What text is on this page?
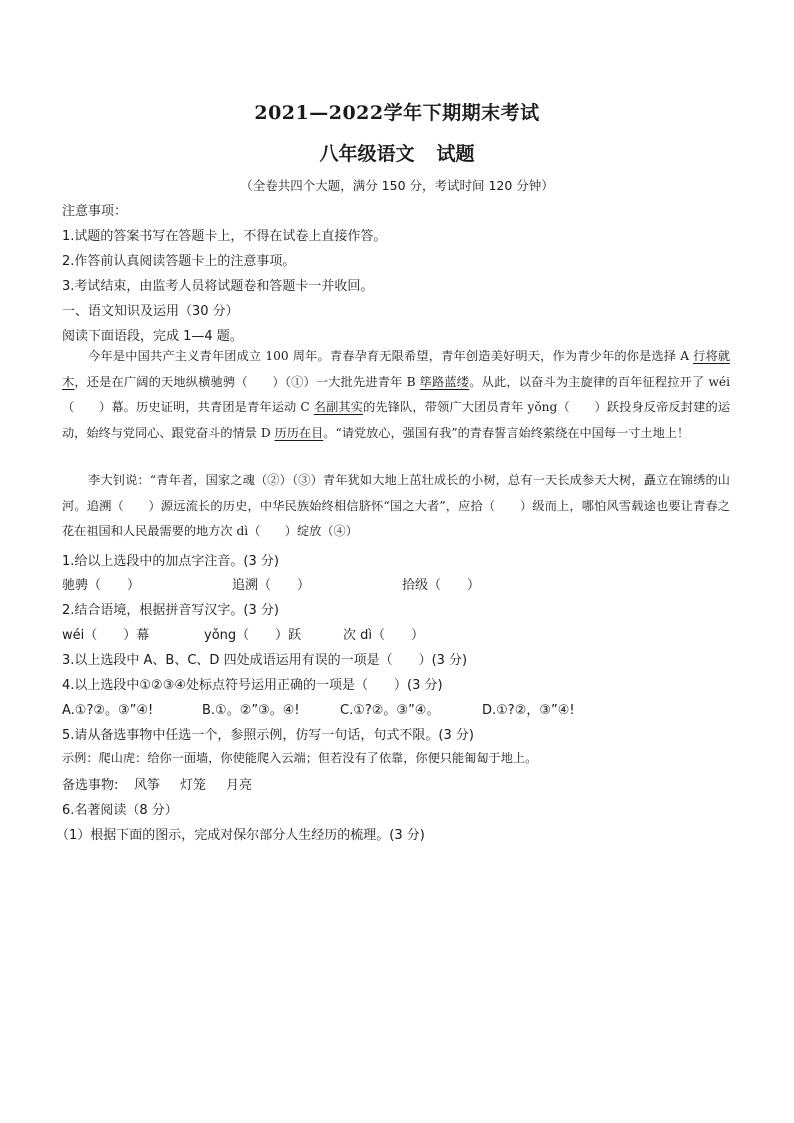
2021—2022学年下期期末考试
八年级语文 试题
（全卷共四个大题，满分 150 分，考试时间 120 分钟）
注意事项：
1.试题的答案书写在答题卡上，不得在试卷上直接作答。
2.作答前认真阅读答题卡上的注意事项。
3.考试结束，由监考人员将试题卷和答题卡一并收回。
一、语文知识及运用（30 分）
阅读下面语段，完成 1—4 题。
今年是中国共产主义青年团成立 100 周年。青春孕育无限希望，青年创造美好明天，作为青少年的你是选择 A 行将就木，还是在广阔的天地纵横驰骋（　　）（①）一大批先进青年 B 筚路蓝缕。从此，以奋斗为主旋律的百年征程拉开了 wéi（　　）幕。历史证明，共青团是青年运动 C 名副其实的先锋队，带领广大团员青年 yǒng（　　）跃投身反帝反封建的运动，始终与党同心、跟党奋斗的情景 D 历历在目。“请党放心，强国有我”的青春誓言始终萦绕在中国每一寸土地上！
李大钊说：“青年者，国家之魂（②）（③）青年犹如大地上茁壮成长的小树，总有一天长成参天大树，矗立在锦绣的山河。追溯（　　）源远流长的历史，中华民族始终相信脐怀“国之大者”，应拾（　　）级而上，哪怕风雪载途也要让青春之花在祖国和人民最需要的地方次 dì（　　）绽放（④）
1.给以上选段中的加点字注音。(3 分)
驰骋（　　）	追溯（　　）	拾级（　　）
2.结合语境，根据拼音写汉字。(3 分)
wéi（　　）幕	yǒng（　　）跃	次 dì（　　）
3.以上选段中 A、B、C、D 四处成语运用有误的一项是（　　）(3 分)
4.以上选段中①②③④处标点符号运用正确的一项是（　　）(3 分)
A.①?②。③”④!	B.①。②”③。④!	C.①?②。③”④。	D.①?②，③”④!
5.请从备选事物中任选一个，参照示例，仿写一句话，句式不限。(3 分)
示例：爬山虎：给你一面墙，你使能爬入云端；但若没有了依靠，你便只能匍匐于地上。
备选事物: 风筝 灯笼 月亮
6.名著阅读（8 分）
（1）根据下面的图示，完成对保尔部分人生经历的梳理。(3 分)
